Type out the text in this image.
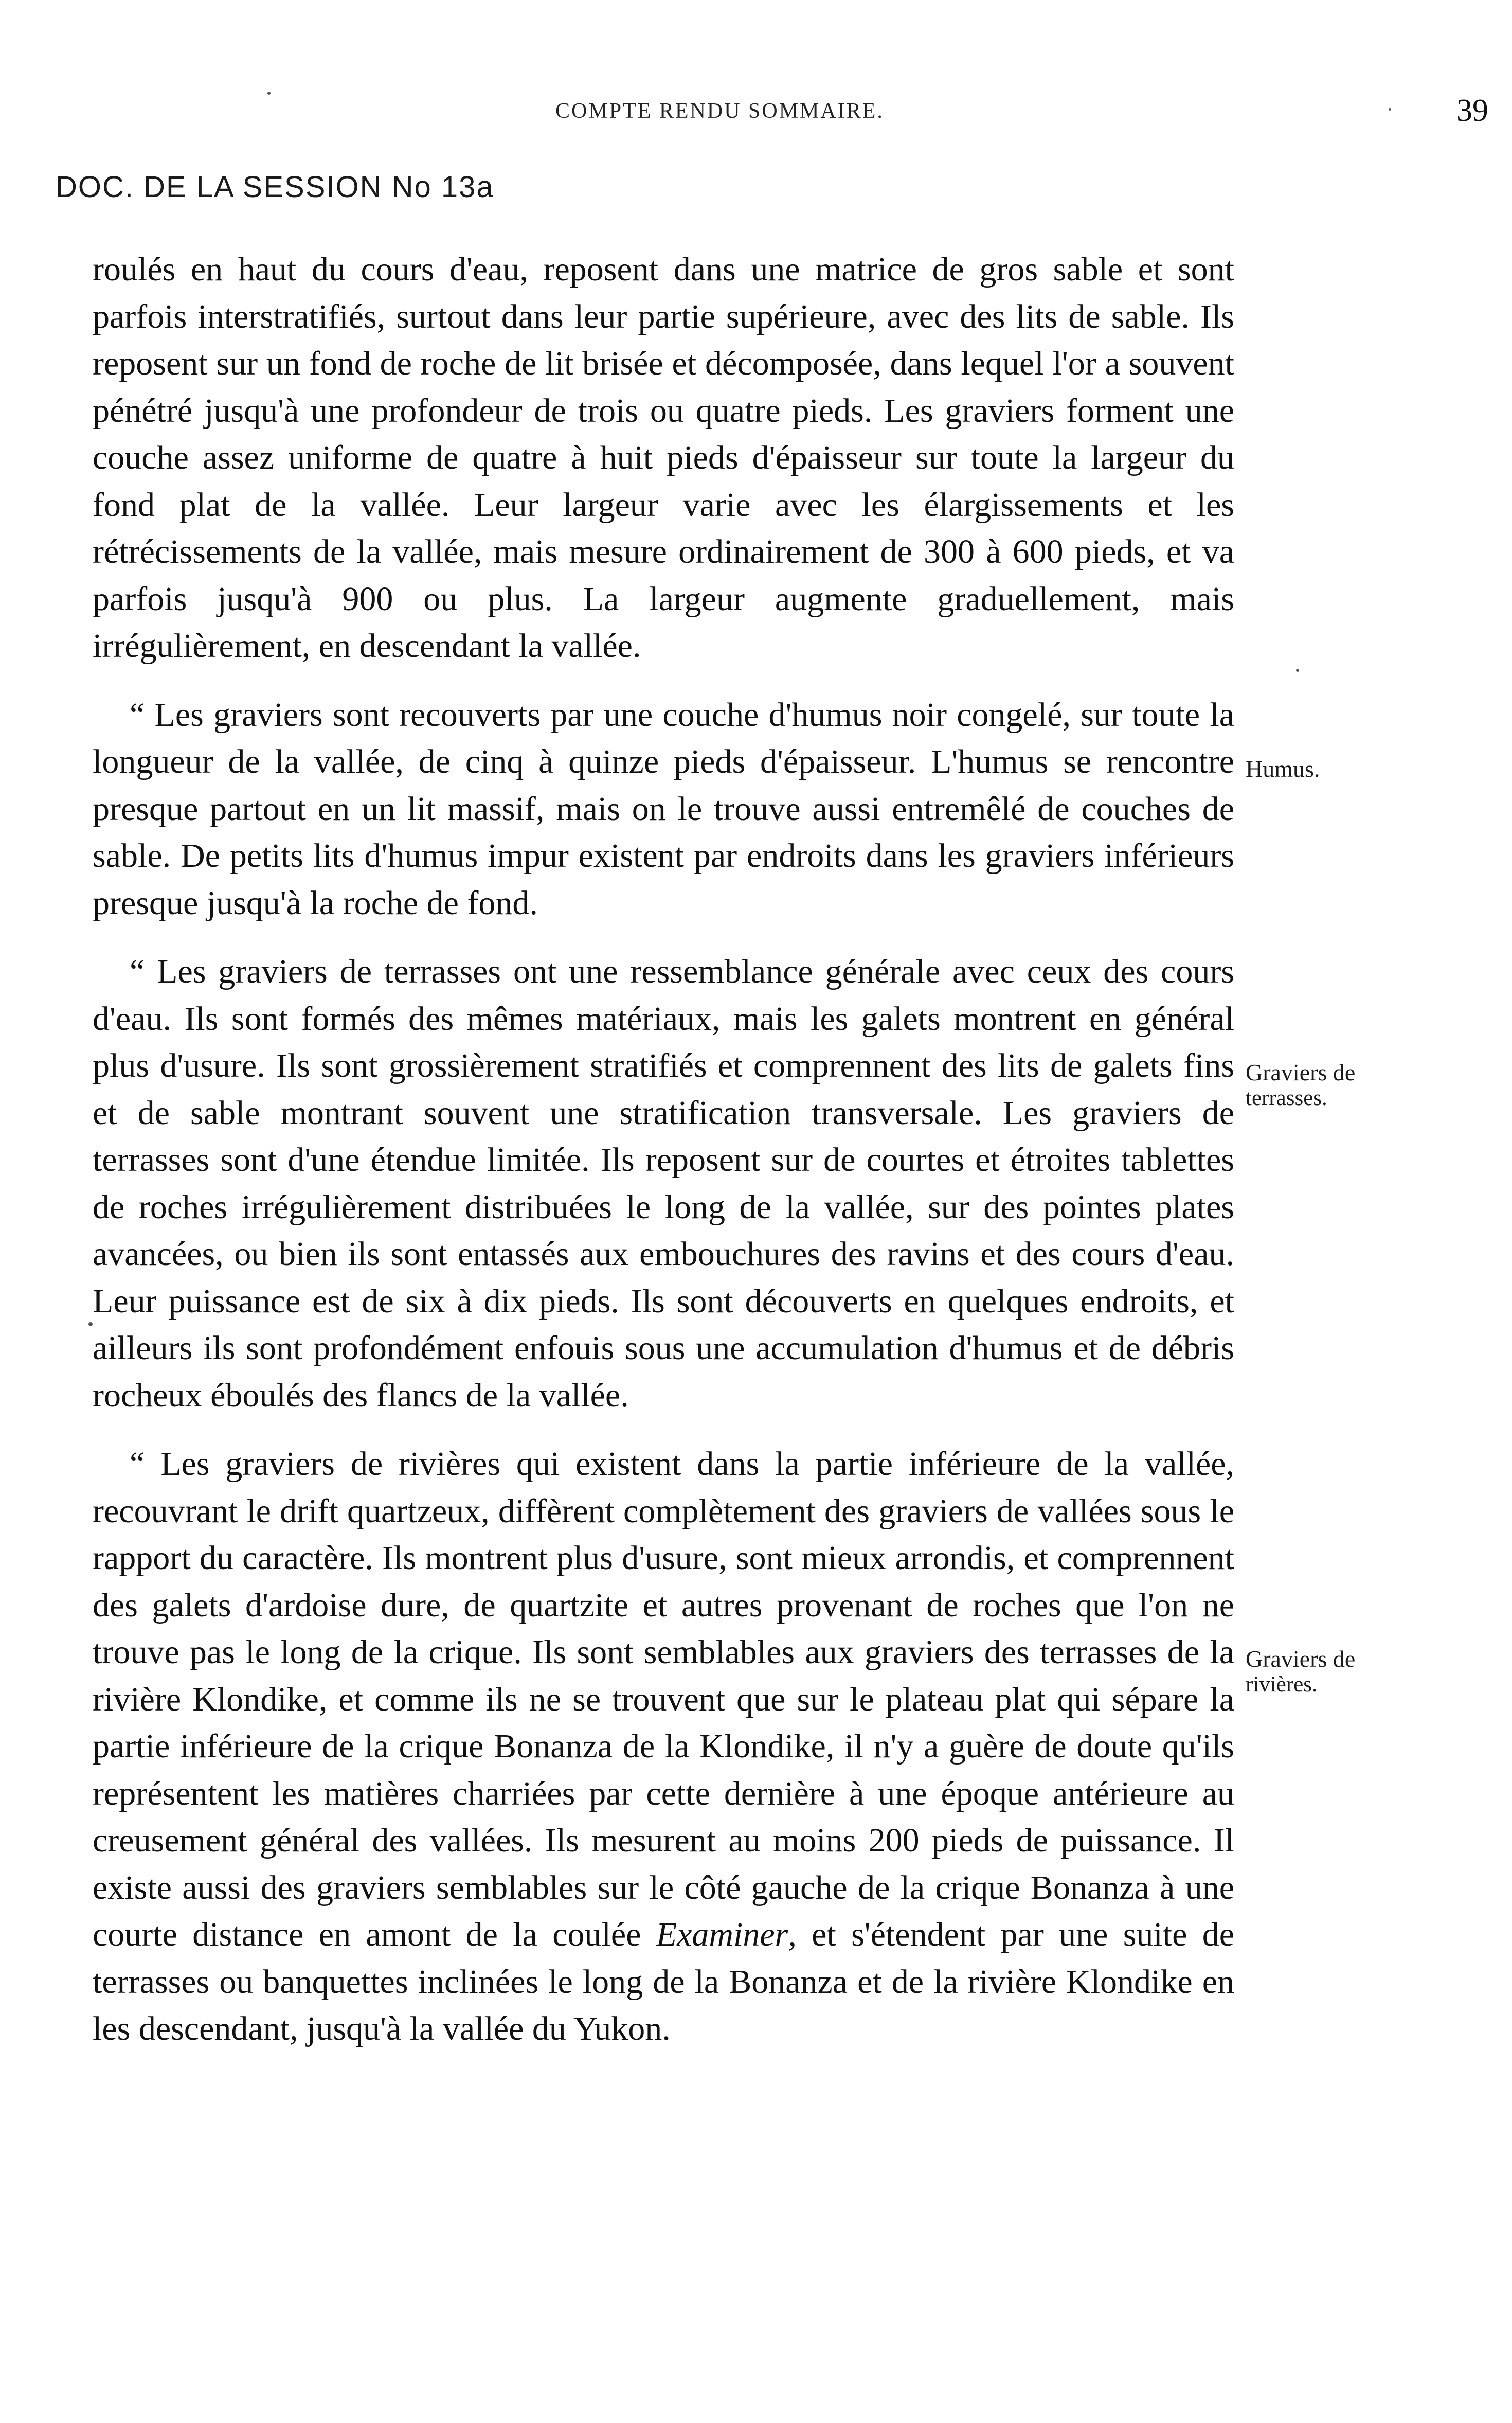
COMPTE RENDU SOMMAIRE.	39
DOC. DE LA SESSION No 13a

roulés en haut du cours d'eau, reposent dans une matrice de gros sable et sont parfois interstratifiés, surtout dans leur partie supérieure, avec des lits de sable. Ils reposent sur un fond de roche de lit brisée et décomposée, dans lequel l'or a souvent pénétré jusqu'à une profondeur de trois ou quatre pieds. Les graviers forment une couche assez uniforme de quatre à huit pieds d'épaisseur sur toute la largeur du fond plat de la vallée. Leur largeur varie avec les élargissements et les rétrécissements de la vallée, mais mesure ordinairement de 300 à 600 pieds, et va parfois jusqu'à 900 ou plus. La largeur augmente graduellement, mais irrégulièrement, en descendant la vallée.

“ Les graviers sont recouverts par une couche d'humus noir congelé, sur toute la longueur de la vallée, de cinq à quinze pieds d'épaisseur. L'humus se rencontre presque partout en un lit massif, mais on le trouve aussi entremêlé de couches de sable. De petits lits d'humus impur existent par endroits dans les graviers inférieurs presque jusqu'à la roche de fond.

“ Les graviers de terrasses ont une ressemblance générale avec ceux des cours d'eau. Ils sont formés des mêmes matériaux, mais les galets montrent en général plus d'usure. Ils sont grossièrement stratifiés et comprennent des lits de galets fins et de sable montrant souvent une stratification transversale. Les graviers de terrasses sont d'une étendue limitée. Ils reposent sur de courtes et étroites tablettes de roches irrégulièrement distribuées le long de la vallée, sur des pointes plates avancées, ou bien ils sont entassés aux embouchures des ravins et des cours d'eau. Leur puissance est de six à dix pieds. Ils sont découverts en quelques endroits, et ailleurs ils sont profondément enfouis sous une accumulation d'humus et de débris rocheux éboulés des flancs de la vallée.

“ Les graviers de rivières qui existent dans la partie inférieure de la vallée, recouvrant le drift quartzeux, diffèrent complètement des graviers de vallées sous le rapport du caractère. Ils montrent plus d'usure, sont mieux arrondis, et comprennent des galets d'ardoise dure, de quartzite et autres provenant de roches que l'on ne trouve pas le long de la crique. Ils sont semblables aux graviers des terrasses de la rivière Klondike, et comme ils ne se trouvent que sur le plateau plat qui sépare la partie inférieure de la crique Bonanza de la Klondike, il n'y a guère de doute qu'ils représentent les matières charriées par cette dernière à une époque antérieure au creusement général des vallées. Ils mesurent au moins 200 pieds de puissance. Il existe aussi des graviers semblables sur le côté gauche de la crique Bonanza à une courte distance en amont de la coulée Examiner, et s'étendent par une suite de terrasses ou banquettes inclinées le long de la Bonanza et de la rivière Klondike en les descendant, jusqu'à la vallée du Yukon.

Humus.
Graviers de
terrasses.
Graviers de
rivières.
